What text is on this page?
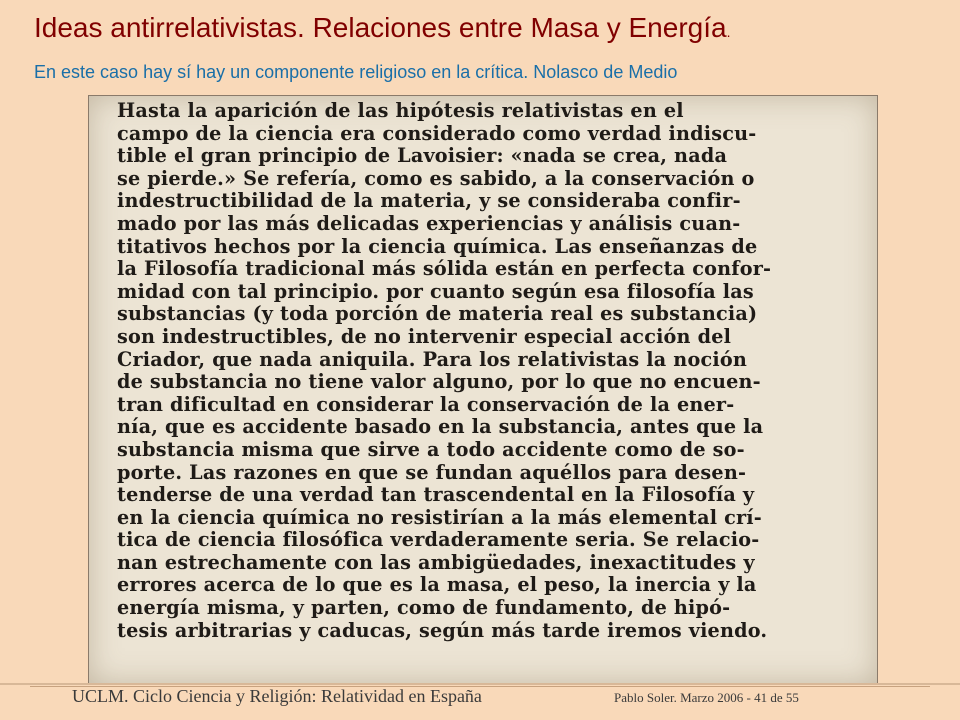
Ideas antirrelativistas. Relaciones entre Masa y Energía.

En este caso hay sí hay un componente religioso en la crítica. Nolasco de Medio

Hasta la aparición de las hipótesis relativistas en el
campo de la ciencia era considerado como verdad indiscu-
tible el gran principio de Lavoisier: «nada se crea, nada
se pierde.» Se refería, como es sabido, a la conservación o
indestructibilidad de la materia, y se consideraba confir-
mado por las más delicadas experiencias y análisis cuan-
titativos hechos por la ciencia química. Las enseñanzas de
la Filosofía tradicional más sólida están en perfecta confor-
midad con tal principio. por cuanto según esa filosofía las
substancias (y toda porción de materia real es substancia)
son indestructibles, de no intervenir especial acción del
Criador, que nada aniquila. Para los relativistas la noción
de substancia no tiene valor alguno, por lo que no encuen-
tran dificultad en considerar la conservación de la ener-
nía, que es accidente basado en la substancia, antes que la
substancia misma que sirve a todo accidente como de so-
porte. Las razones en que se fundan aquéllos para desen-
tenderse de una verdad tan trascendental en la Filosofía y
en la ciencia química no resistirían a la más elemental crí-
tica de ciencia filosófica verdaderamente seria. Se relacio-
nan estrechamente con las ambigüedades, inexactitudes y
errores acerca de lo que es la masa, el peso, la inercia y la
energía misma, y parten, como de fundamento, de hipó-
tesis arbitrarias y caducas, según más tarde iremos viendo.
UCLM. Ciclo Ciencia y Religión: Relatividad en España	Pablo Soler. Marzo 2006 - 41 de 55
